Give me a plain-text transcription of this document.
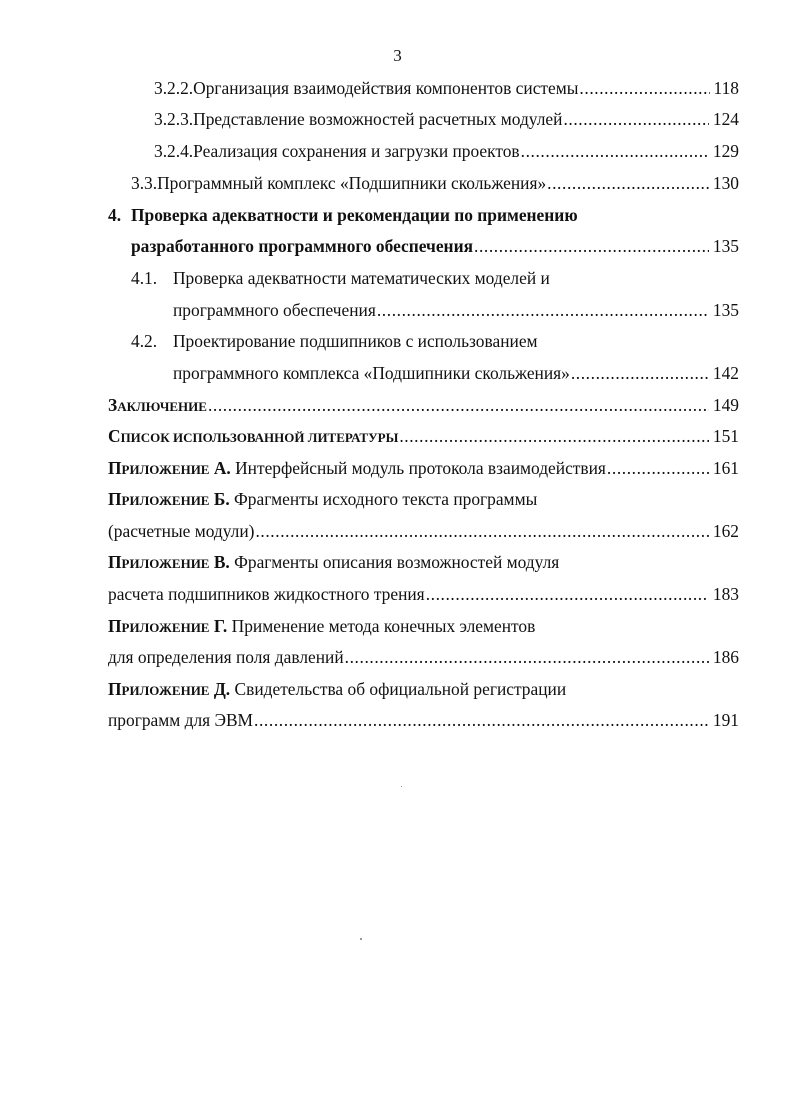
3
3.2.2. Организация взаимодействия компонентов системы .....	118
3.2.3. Представление возможностей расчетных модулей .....	124
3.2.4. Реализация сохранения и загрузки проектов .....	129
3.3. Программный комплекс «Подшипники скольжения» .....	130
4. Проверка адекватности и рекомендации по применению
разработанного программного обеспечения .....	135
4.1. Проверка адекватности математических моделей и
программного обеспечения .....	135
4.2. Проектирование подшипников с использованием
программного комплекса «Подшипники скольжения» .....	142
ЗАКЛЮЧЕНИЕ .....	149
СПИСОК ИСПОЛЬЗОВАННОЙ ЛИТЕРАТУРЫ .....	151
ПРИЛОЖЕНИЕ А. Интерфейсный модуль протокола взаимодействия .....	161
ПРИЛОЖЕНИЕ Б. Фрагменты исходного текста программы
(расчетные модули) .....	162
ПРИЛОЖЕНИЕ В. Фрагменты описания возможностей модуля
расчета подшипников жидкостного трения .....	183
ПРИЛОЖЕНИЕ Г. Применение метода конечных элементов
для определения поля давлений .....	186
ПРИЛОЖЕНИЕ Д. Свидетельства об официальной регистрации
программ для ЭВМ .....	191
